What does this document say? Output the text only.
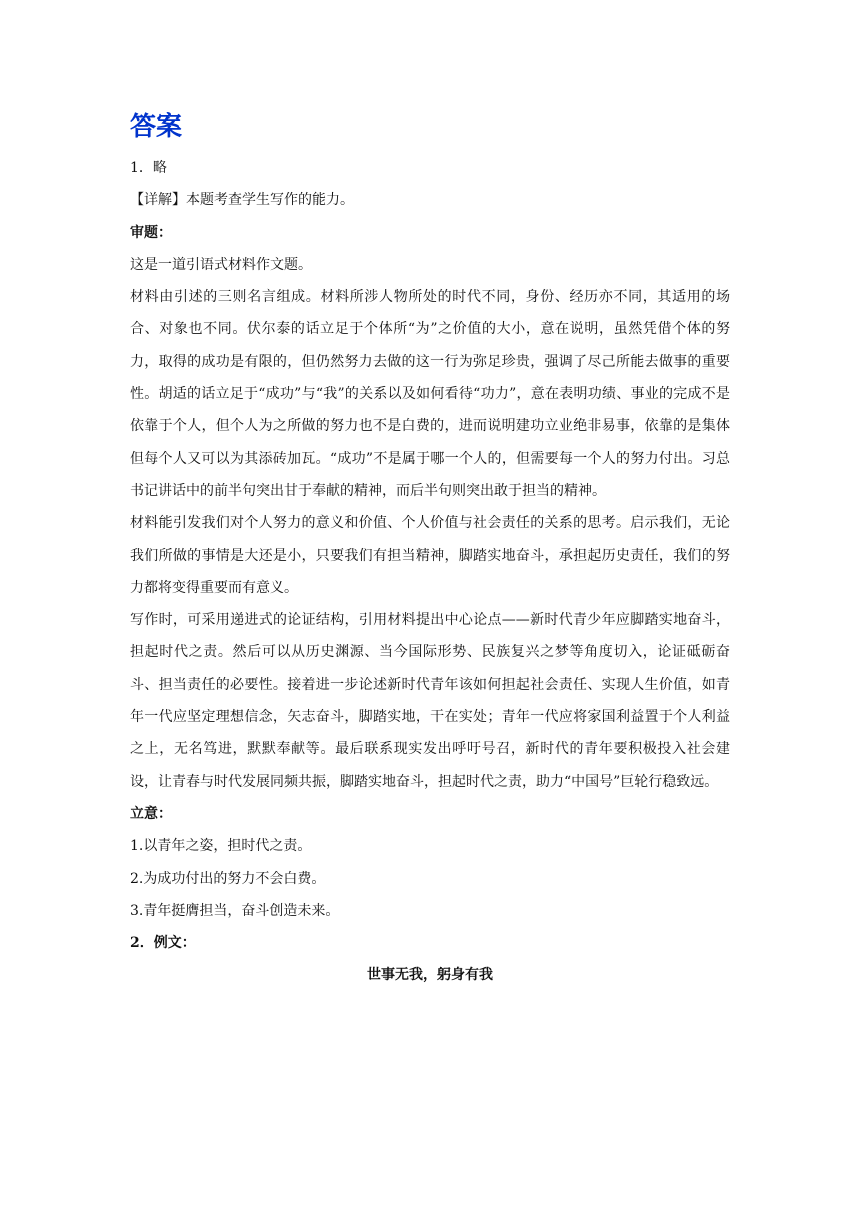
答案

1．略

【详解】本题考查学生写作的能力。

审题：

这是一道引语式材料作文题。

材料由引述的三则名言组成。材料所涉人物所处的时代不同，身份、经历亦不同，其适用的场合、对象也不同。伏尔泰的话立足于个体所“为”之价值的大小，意在说明，虽然凭借个体的努力，取得的成功是有限的，但仍然努力去做的这一行为弥足珍贵，强调了尽己所能去做事的重要性。胡适的话立足于“成功”与“我”的关系以及如何看待“功力”，意在表明功绩、事业的完成不是依靠于个人，但个人为之所做的努力也不是白费的，进而说明建功立业绝非易事，依靠的是集体但每个人又可以为其添砖加瓦。“成功”不是属于哪一个人的，但需要每一个人的努力付出。习总书记讲话中的前半句突出甘于奉献的精神，而后半句则突出敢于担当的精神。

材料能引发我们对个人努力的意义和价值、个人价值与社会责任的关系的思考。启示我们，无论我们所做的事情是大还是小，只要我们有担当精神，脚踏实地奋斗，承担起历史责任，我们的努力都将变得重要而有意义。

写作时，可采用递进式的论证结构，引用材料提出中心论点——新时代青少年应脚踏实地奋斗，担起时代之责。然后可以从历史渊源、当今国际形势、民族复兴之梦等角度切入，论证砥砺奋斗、担当责任的必要性。接着进一步论述新时代青年该如何担起社会责任、实现人生价值，如青年一代应坚定理想信念，矢志奋斗，脚踏实地，干在实处；青年一代应将家国利益置于个人利益之上，无名笃进，默默奉献等。最后联系现实发出呼吁号召，新时代的青年要积极投入社会建设，让青春与时代发展同频共振，脚踏实地奋斗，担起时代之责，助力“中国号”巨轮行稳致远。

立意：

1.以青年之姿，担时代之责。

2.为成功付出的努力不会白费。

3.青年挺膺担当，奋斗创造未来。

2．例文：

世事无我，躬身有我
